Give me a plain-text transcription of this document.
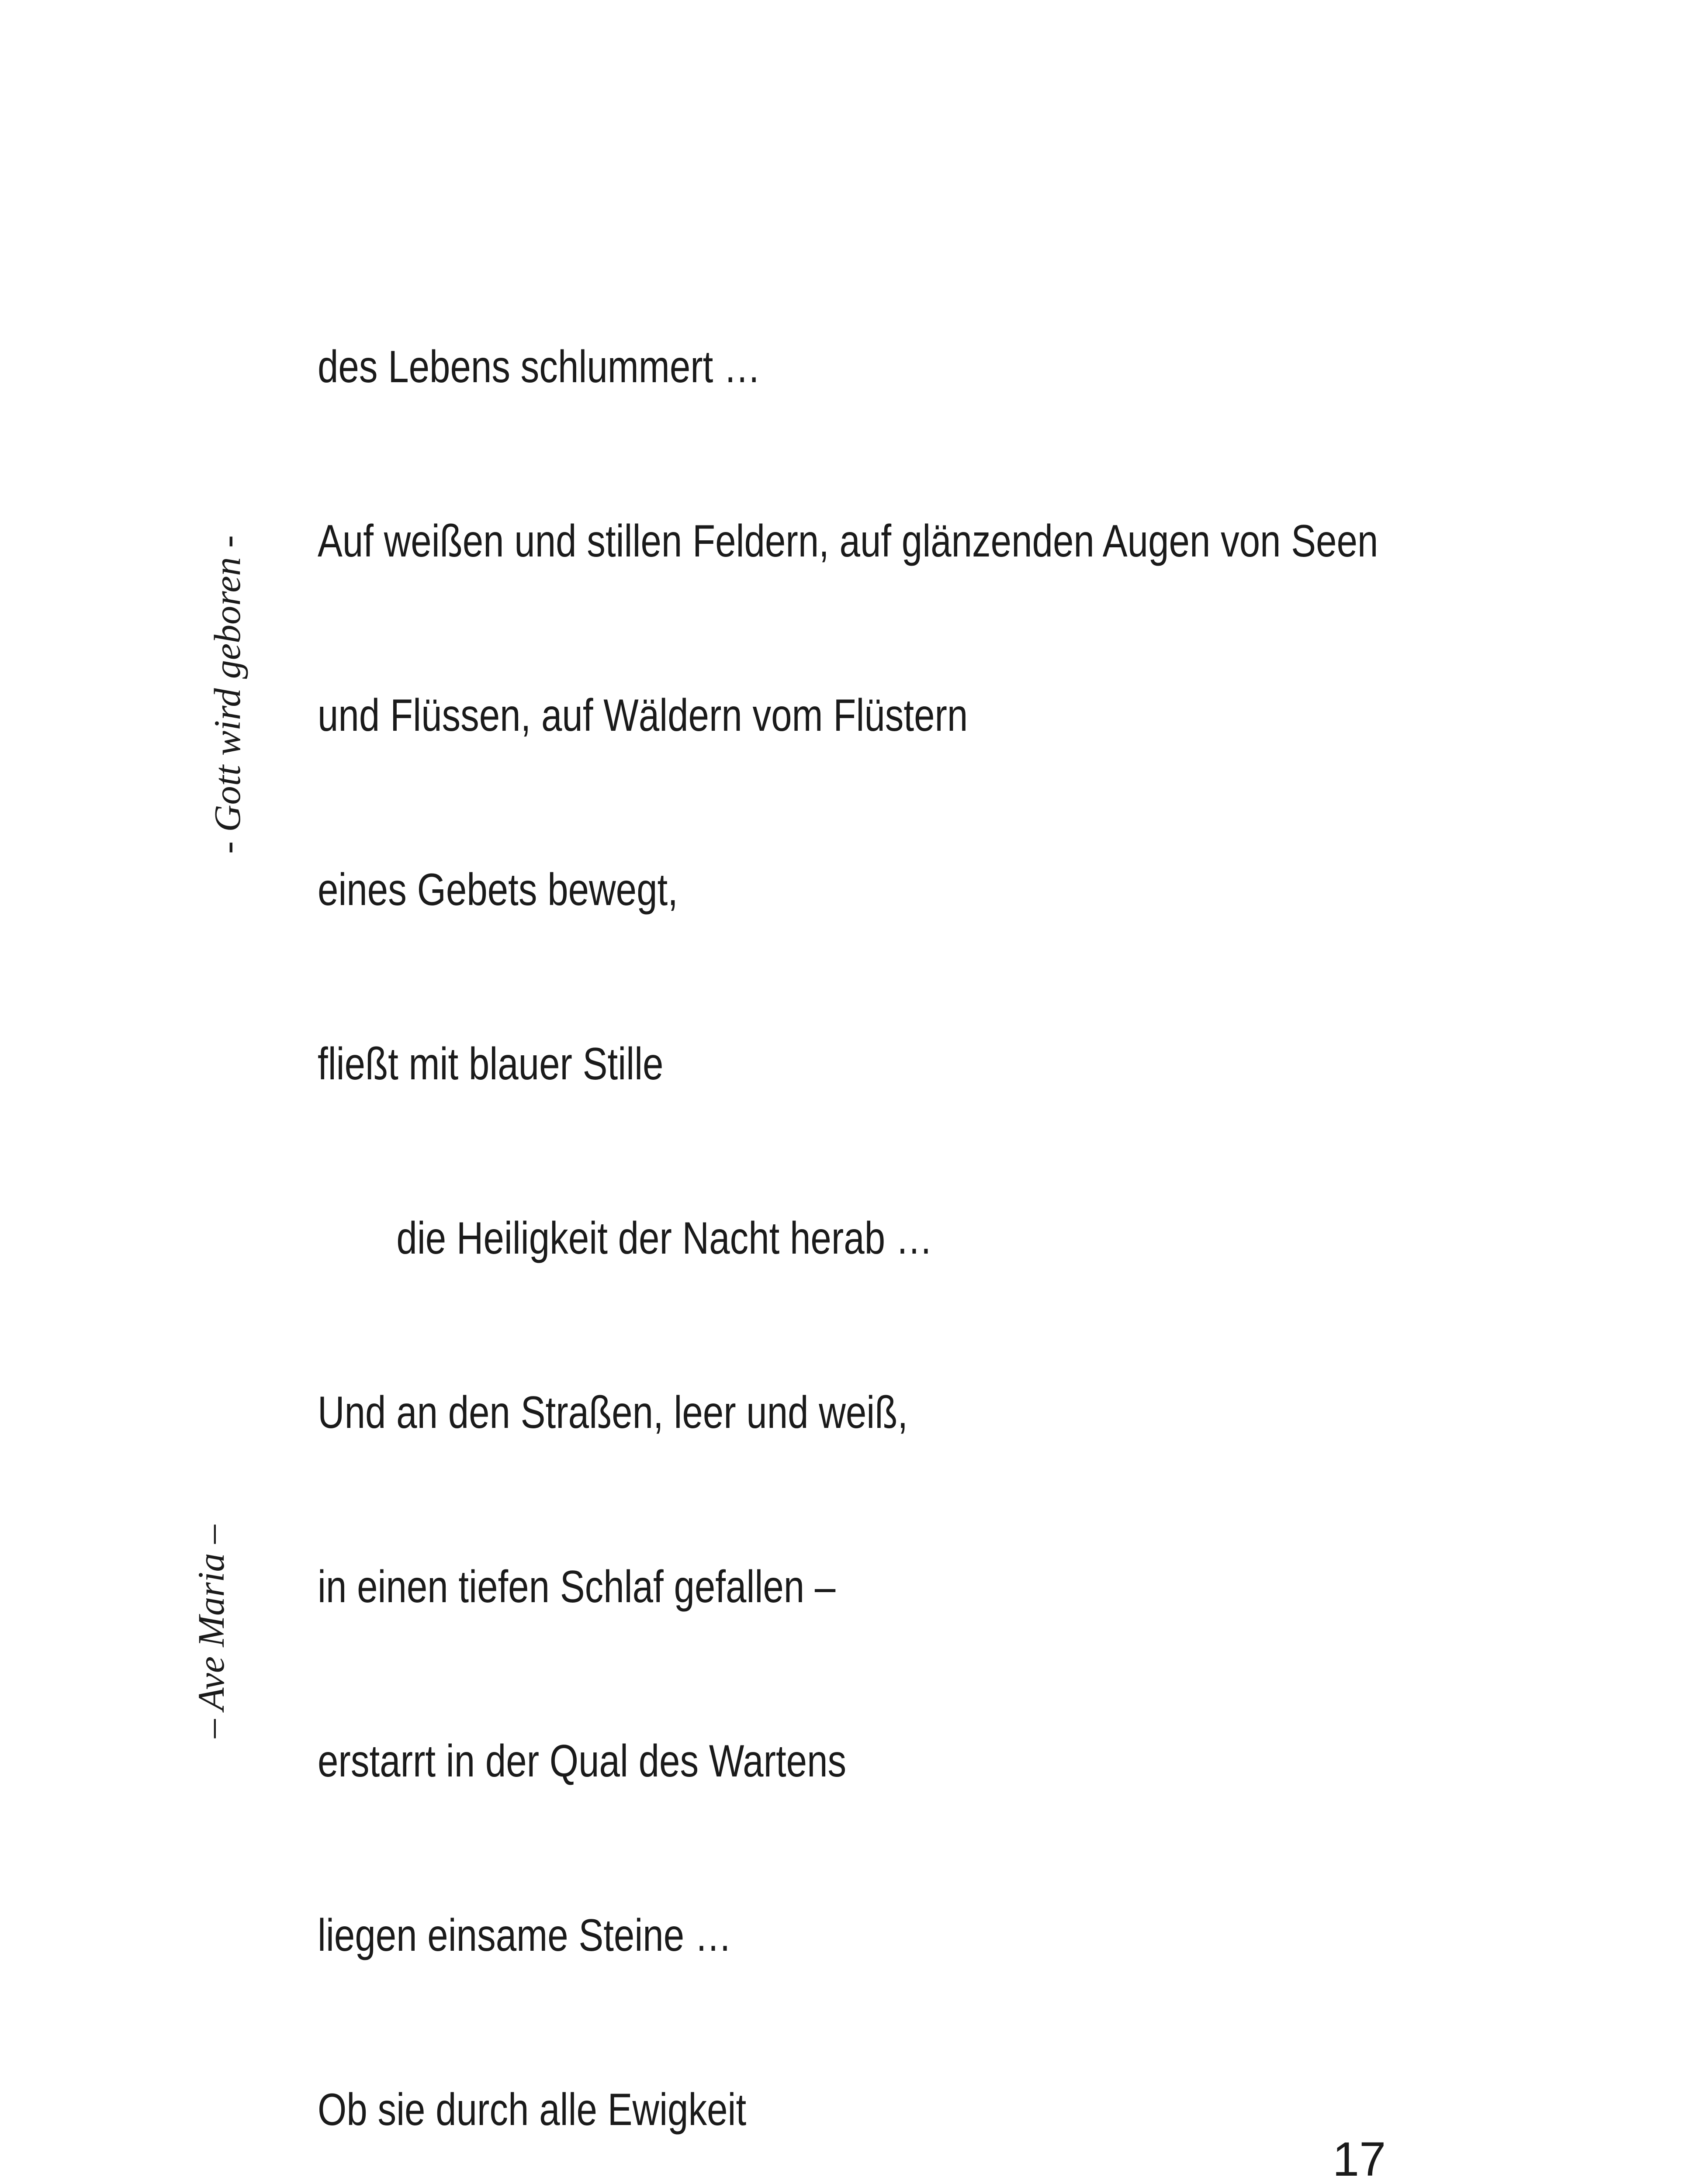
- Gott wird geboren -
– Ave Maria –

des Lebens schlummert …

Auf weißen und stillen Feldern, auf glänzenden Augen von Seen

und Flüssen, auf Wäldern vom Flüstern

eines Gebets bewegt,

fließt mit blauer Stille

die Heiligkeit der Nacht herab …

Und an den Straßen, leer und weiß,

in einen tiefen Schlaf gefallen –

erstarrt in der Qual des Wartens

liegen einsame Steine …

Ob sie durch alle Ewigkeit

17
